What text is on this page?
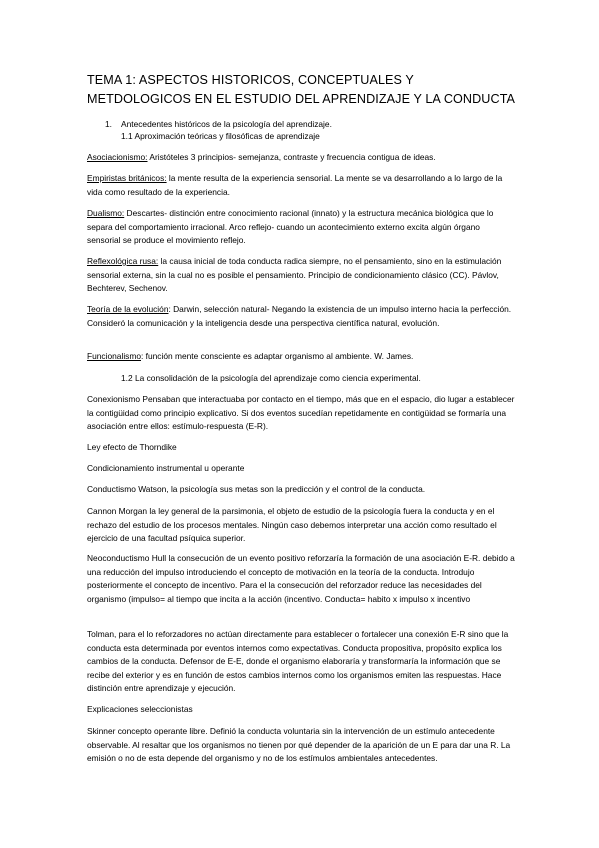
TEMA 1: ASPECTOS HISTORICOS, CONCEPTUALES Y METDOLOGICOS EN EL ESTUDIO DEL APRENDIZAJE Y LA CONDUCTA
1. Antecedentes históricos de la psicología del aprendizaje.
1.1 Aproximación teóricas y filosóficas de aprendizaje

Asociacionismo: Aristóteles 3 principios- semejanza, contraste y frecuencia contigua de ideas.

Empiristas británicos: la mente resulta de la experiencia sensorial. La mente se va desarrollando a lo largo de la vida como resultado de la experiencia.

Dualismo: Descartes- distinción entre conocimiento racional (innato) y la estructura mecánica biológica que lo separa del comportamiento irracional. Arco reflejo- cuando un acontecimiento externo excita algún órgano sensorial se produce el movimiento reflejo.

Reflexológica rusa: la causa inicial de toda conducta radica siempre, no el pensamiento, sino en la estimulación sensorial externa, sin la cual no es posible el pensamiento. Principio de condicionamiento clásico (CC). Pávlov, Bechterev, Sechenov.

Teoría de la evolución: Darwin, selección natural- Negando la existencia de un impulso interno hacia la perfección. Consideró la comunicación y la inteligencia desde una perspectiva científica natural, evolución.

Funcionalismo: función mente consciente es adaptar organismo al ambiente. W. James.

1.2 La consolidación de la psicología del aprendizaje como ciencia experimental.

Conexionismo Pensaban que interactuaba por contacto en el tiempo, más que en el espacio, dio lugar a establecer la contigüidad como principio explicativo. Si dos eventos sucedían repetidamente en contigüidad se formaría una asociación entre ellos: estímulo-respuesta (E-R).

Ley efecto de Thorndike

Condicionamiento instrumental u operante

Conductismo Watson, la psicología sus metas son la predicción y el control de la conducta.

Cannon Morgan la ley general de la parsimonia, el objeto de estudio de la psicología fuera la conducta y en el rechazo del estudio de los procesos mentales. Ningún caso debemos interpretar una acción como resultado el ejercicio de una facultad psíquica superior.

Neoconductismo Hull la consecución de un evento positivo reforzaría la formación de una asociación E-R. debido a una reducción del impulso introduciendo el concepto de motivación en la teoría de la conducta. Introdujo posteriormente el concepto de incentivo. Para el la consecución del reforzador reduce las necesidades del organismo (impulso= al tiempo que incita a la acción (incentivo. Conducta= habito x impulso x incentivo

Tolman, para el lo reforzadores no actúan directamente para establecer o fortalecer una conexión E-R sino que la conducta esta determinada por eventos internos como expectativas. Conducta propositiva, propósito explica los cambios de la conducta. Defensor de E-E, donde el organismo elaboraría y transformaría la información que se recibe del exterior y es en función de estos cambios internos como los organismos emiten las respuestas. Hace distinción entre aprendizaje y ejecución.

Explicaciones seleccionistas

Skinner concepto operante libre. Definió la conducta voluntaria sin la intervención de un estímulo antecedente observable. Al resaltar que los organismos no tienen por qué depender de la aparición de un E para dar una R. La emisión o no de esta depende del organismo y no de los estímulos ambientales antecedentes.
